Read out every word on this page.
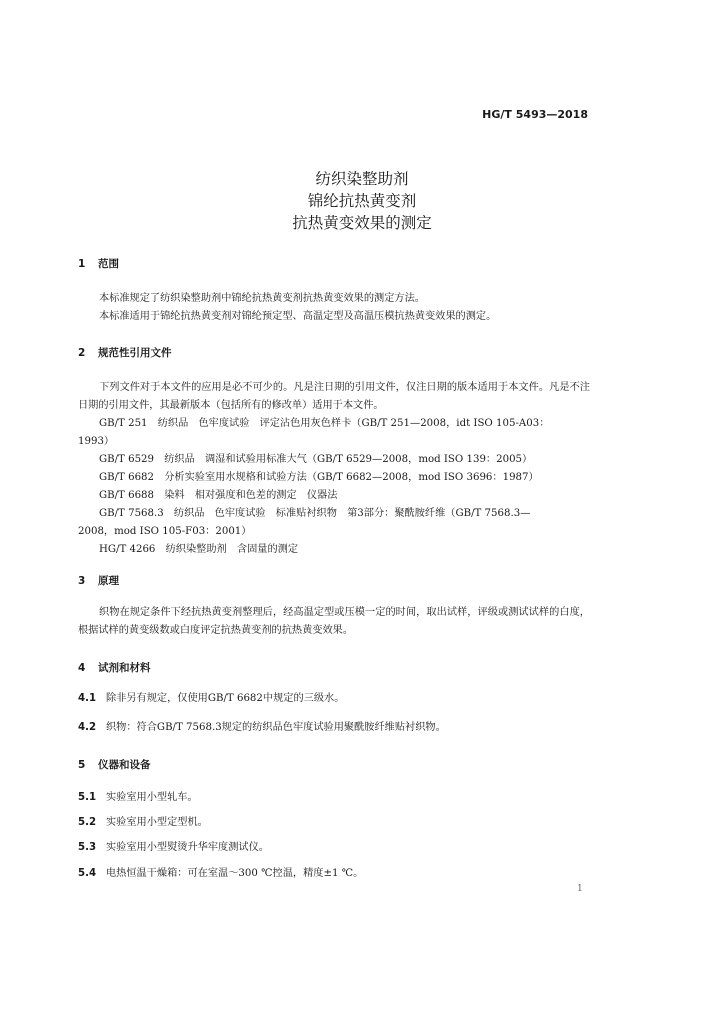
HG/T 5493—2018
纺织染整助剂
锦纶抗热黄变剂
抗热黄变效果的测定
1 范围

本标准规定了纺织染整助剂中锦纶抗热黄变剂抗热黄变效果的测定方法。

本标准适用于锦纶抗热黄变剂对锦纶预定型、高温定型及高温压模抗热黄变效果的测定。

2 规范性引用文件

下列文件对于本文件的应用是必不可少的。凡是注日期的引用文件，仅注日期的版本适用于本文件。凡是不注日期的引用文件，其最新版本（包括所有的修改单）适用于本文件。

GB/T 251　纺织品　色牢度试验　评定沾色用灰色样卡（GB/T 251—2008，idt ISO 105-A03：

1993）

GB/T 6529　纺织品　调湿和试验用标准大气（GB/T 6529—2008，mod ISO 139：2005）

GB/T 6682　分析实验室用水规格和试验方法（GB/T 6682—2008，mod ISO 3696：1987）

GB/T 6688　染料　相对强度和色差的测定　仪器法

GB/T 7568.3　纺织品　色牢度试验　标准贴衬织物　第3部分：聚酰胺纤维（GB/T 7568.3—

2008，mod ISO 105-F03：2001）

HG/T 4266　纺织染整助剂　含固量的测定

3 原理

织物在规定条件下经抗热黄变剂整理后，经高温定型或压模一定的时间，取出试样，评级或测试试样的白度，根据试样的黄变级数或白度评定抗热黄变剂的抗热黄变效果。

4 试剂和材料
4.1 除非另有规定，仅使用GB/T 6682中规定的三级水。
4.2 织物：符合GB/T 7568.3规定的纺织品色牢度试验用聚酰胺纤维贴衬织物。
5 仪器和设备
5.1 实验室用小型轧车。
5.2 实验室用小型定型机。
5.3 实验室用小型熨烫升华牢度测试仪。
5.4 电热恒温干燥箱：可在室温～300 ℃控温，精度±1 ℃。
1
